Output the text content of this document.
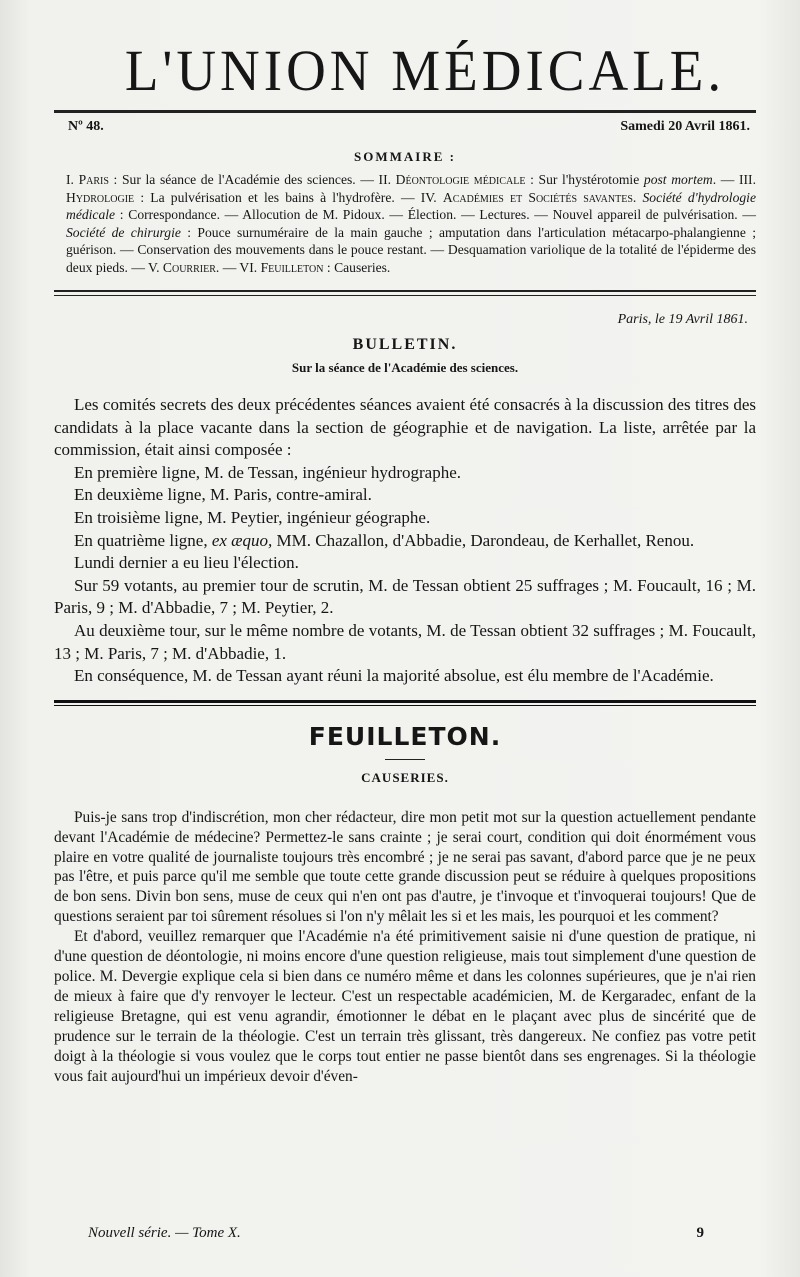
L'UNION MÉDICALE.
Nº 48.	Samedi 20 Avril 1861.
SOMMAIRE :
I. Paris : Sur la séance de l'Académie des sciences. — II. Déontologie médicale : Sur l'hystérotomie post mortem. — III. Hydrologie : La pulvérisation et les bains à l'hydrofère. — IV. Académies et Sociétés savantes. Société d'hydrologie médicale : Correspondance. — Allocution de M. Pidoux. — Élection. — Lectures. — Nouvel appareil de pulvérisation. — Société de chirurgie : Pouce surnuméraire de la main gauche ; amputation dans l'articulation métacarpo-phalangienne ; guérison. — Conservation des mouvements dans le pouce restant. — Desquamation variolique de la totalité de l'épiderme des deux pieds. — V. Courrier. — VI. Feuilleton : Causeries.
Paris, le 19 Avril 1861.
BULLETIN.
Sur la séance de l'Académie des sciences.

Les comités secrets des deux précédentes séances avaient été consacrés à la discussion des titres des candidats à la place vacante dans la section de géographie et de navigation. La liste, arrêtée par la commission, était ainsi composée :

En première ligne, M. de Tessan, ingénieur hydrographe.

En deuxième ligne, M. Paris, contre-amiral.

En troisième ligne, M. Peytier, ingénieur géographe.

En quatrième ligne, ex æquo, MM. Chazallon, d'Abbadie, Darondeau, de Kerhallet, Renou.

Lundi dernier a eu lieu l'élection.

Sur 59 votants, au premier tour de scrutin, M. de Tessan obtient 25 suffrages ; M. Foucault, 16 ; M. Paris, 9 ; M. d'Abbadie, 7 ; M. Peytier, 2.

Au deuxième tour, sur le même nombre de votants, M. de Tessan obtient 32 suffrages ; M. Foucault, 13 ; M. Paris, 7 ; M. d'Abbadie, 1.

En conséquence, M. de Tessan ayant réuni la majorité absolue, est élu membre de l'Académie.

FEUILLETON.
CAUSERIES.

Puis-je sans trop d'indiscrétion, mon cher rédacteur, dire mon petit mot sur la question actuellement pendante devant l'Académie de médecine? Permettez-le sans crainte ; je serai court, condition qui doit énormément vous plaire en votre qualité de journaliste toujours très encombré ; je ne serai pas savant, d'abord parce que je ne peux pas l'être, et puis parce qu'il me semble que toute cette grande discussion peut se réduire à quelques propositions de bon sens. Divin bon sens, muse de ceux qui n'en ont pas d'autre, je t'invoque et t'invoquerai toujours! Que de questions seraient par toi sûrement résolues si l'on n'y mêlait les si et les mais, les pourquoi et les comment?

Et d'abord, veuillez remarquer que l'Académie n'a été primitivement saisie ni d'une question de pratique, ni d'une question de déontologie, ni moins encore d'une question religieuse, mais tout simplement d'une question de police. M. Devergie explique cela si bien dans ce numéro même et dans les colonnes supérieures, que je n'ai rien de mieux à faire que d'y renvoyer le lecteur. C'est un respectable académicien, M. de Kergaradec, enfant de la religieuse Bretagne, qui est venu agrandir, émotionner le débat en le plaçant avec plus de sincérité que de prudence sur le terrain de la théologie. C'est un terrain très glissant, très dangereux. Ne confiez pas votre petit doigt à la théologie si vous voulez que le corps tout entier ne passe bientôt dans ses engrenages. Si la théologie vous fait aujourd'hui un impérieux devoir d'éven-

Nouvell série. — Tome X.	9
